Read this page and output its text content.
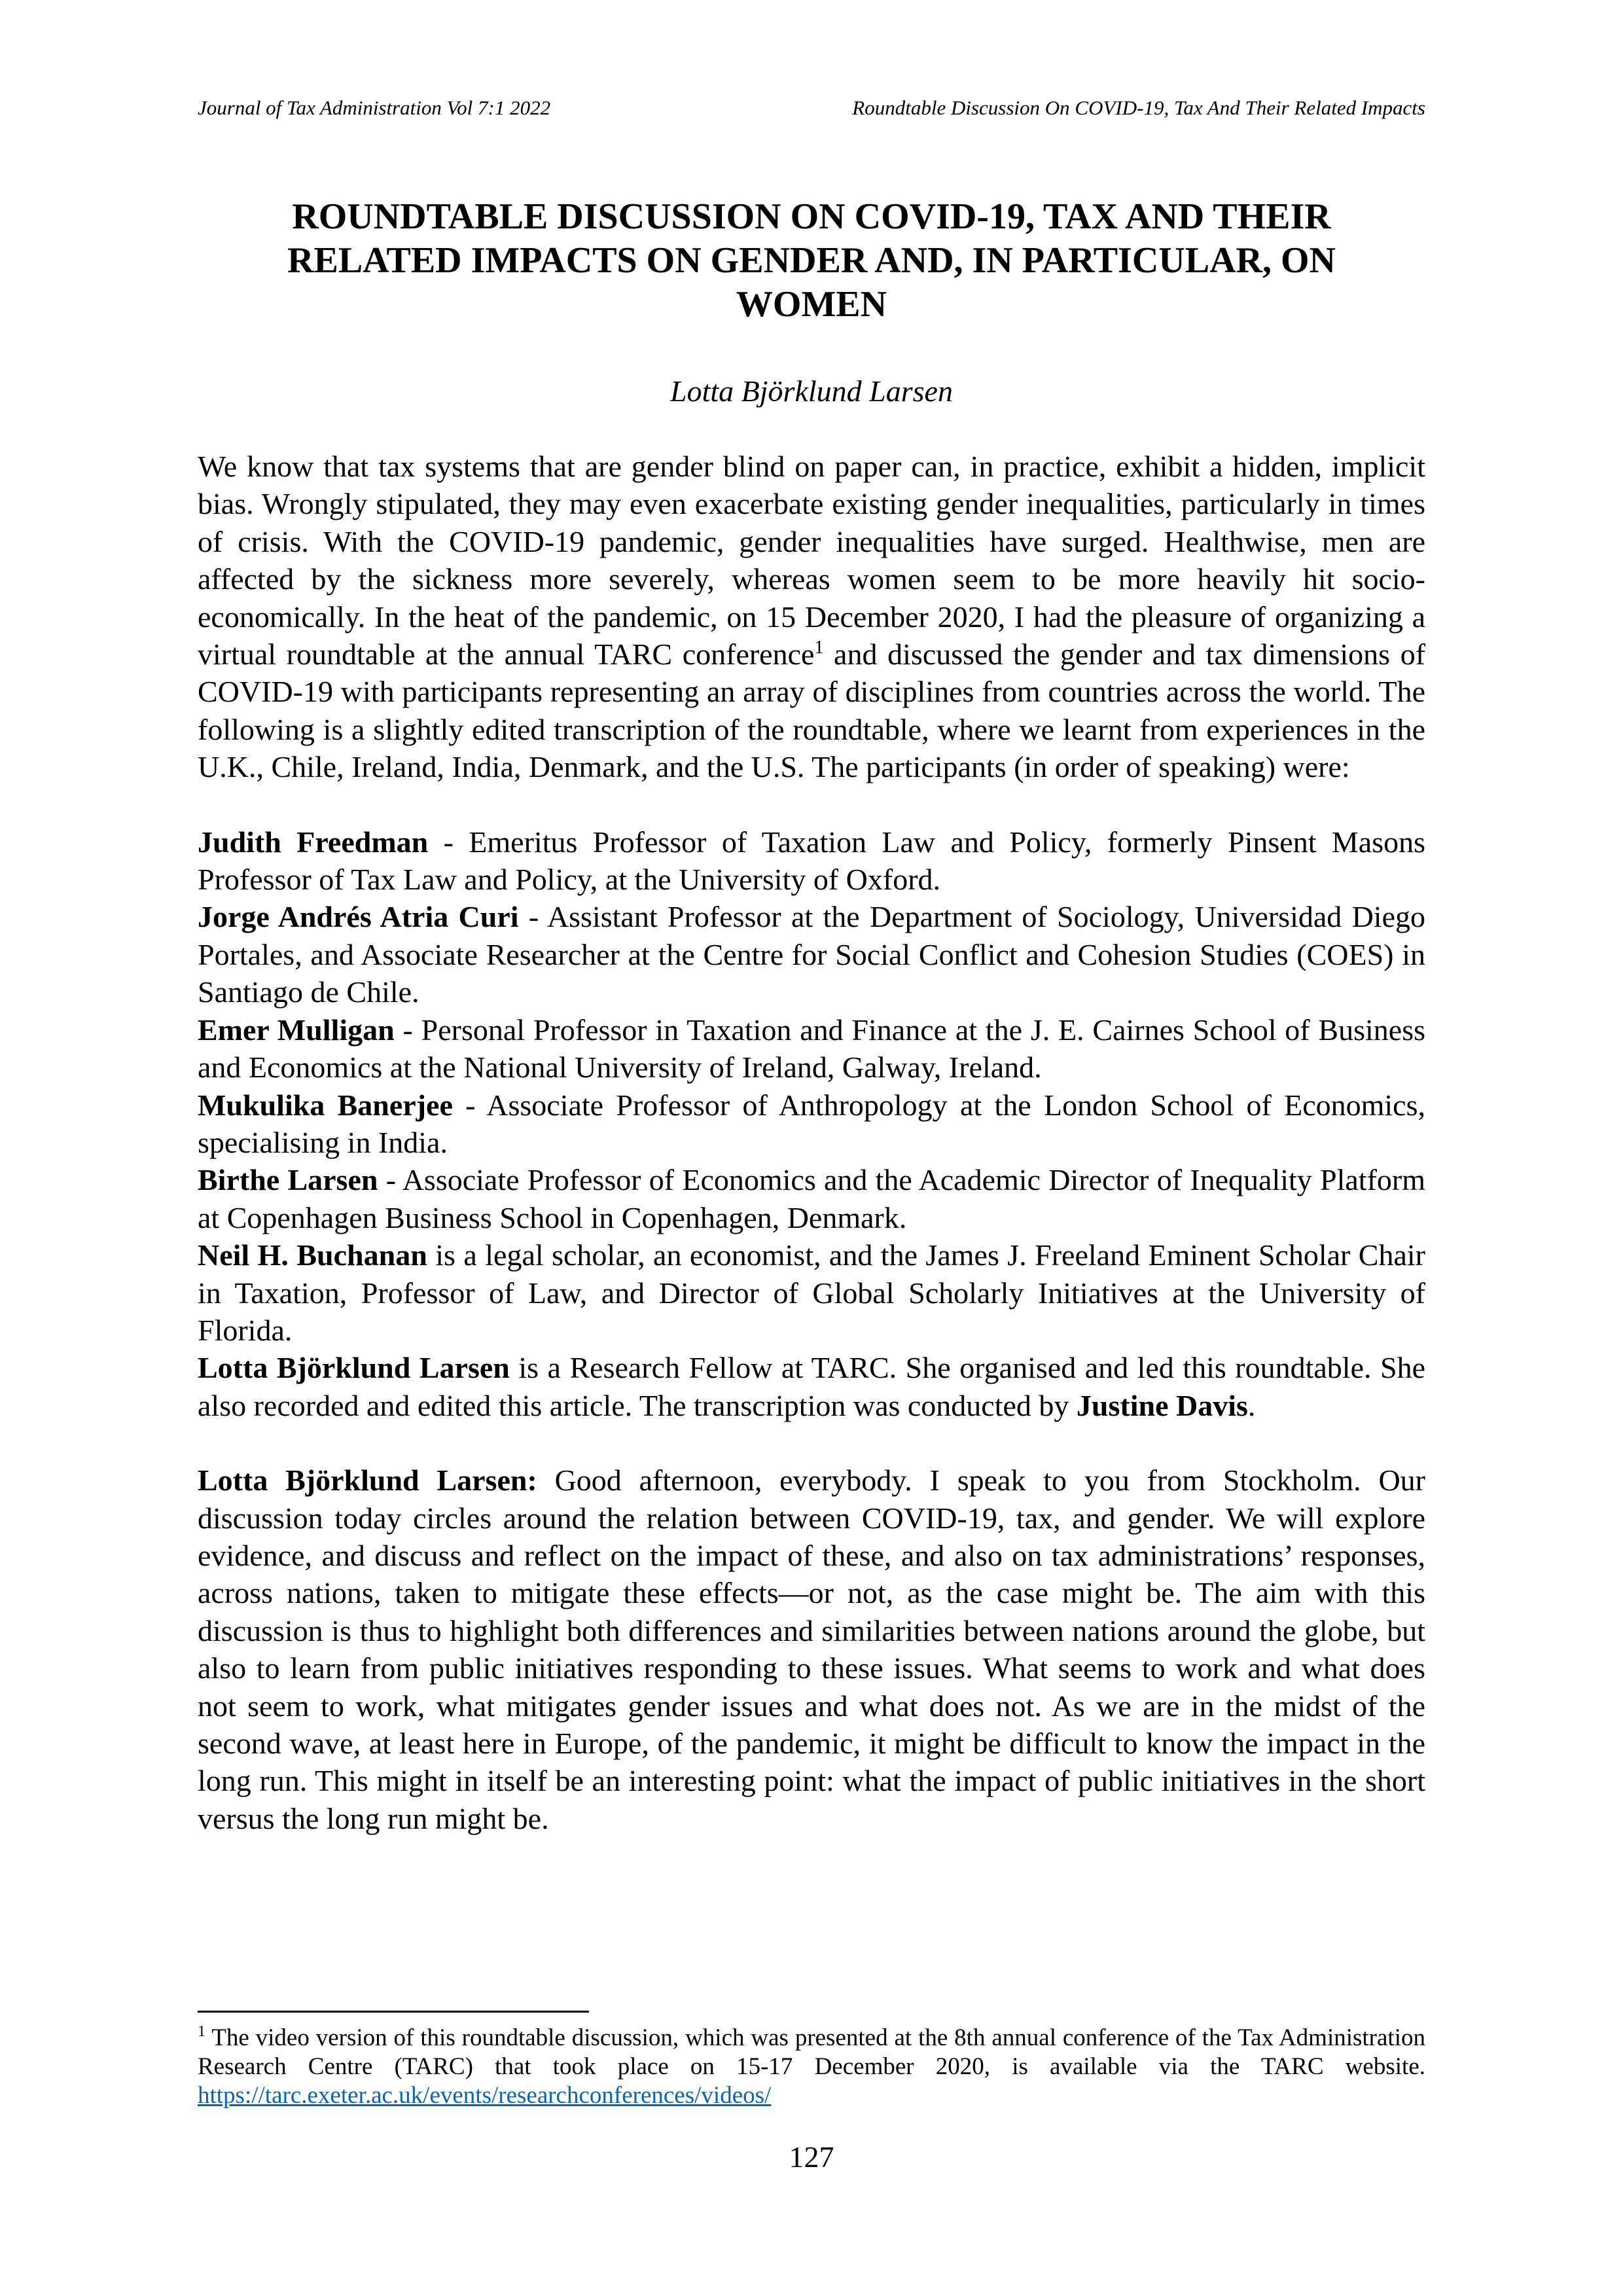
Journal of Tax Administration Vol 7:1 2022	Roundtable Discussion On COVID-19, Tax And Their Related Impacts
ROUNDTABLE DISCUSSION ON COVID-19, TAX AND THEIR
RELATED IMPACTS ON GENDER AND, IN PARTICULAR, ON
WOMEN
Lotta Björklund Larsen

We know that tax systems that are gender blind on paper can, in practice, exhibit a hidden, implicit bias. Wrongly stipulated, they may even exacerbate existing gender inequalities, particularly in times of crisis. With the COVID-19 pandemic, gender inequalities have surged. Healthwise, men are affected by the sickness more severely, whereas women seem to be more heavily hit socio-economically. In the heat of the pandemic, on 15 December 2020, I had the pleasure of organizing a virtual roundtable at the annual TARC conference$^1$ and discussed the gender and tax dimensions of COVID-19 with participants representing an array of disciplines from countries across the world. The following is a slightly edited transcription of the roundtable, where we learnt from experiences in the U.K., Chile, Ireland, India, Denmark, and the U.S. The participants (in order of speaking) were:

Judith Freedman - Emeritus Professor of Taxation Law and Policy, formerly Pinsent Masons Professor of Tax Law and Policy, at the University of Oxford.

Jorge Andrés Atria Curi - Assistant Professor at the Department of Sociology, Universidad Diego Portales, and Associate Researcher at the Centre for Social Conflict and Cohesion Studies (COES) in Santiago de Chile.

Emer Mulligan - Personal Professor in Taxation and Finance at the J. E. Cairnes School of Business and Economics at the National University of Ireland, Galway, Ireland.

Mukulika Banerjee - Associate Professor of Anthropology at the London School of Economics, specialising in India.

Birthe Larsen - Associate Professor of Economics and the Academic Director of Inequality Platform at Copenhagen Business School in Copenhagen, Denmark.

Neil H. Buchanan is a legal scholar, an economist, and the James J. Freeland Eminent Scholar Chair in Taxation, Professor of Law, and Director of Global Scholarly Initiatives at the University of Florida.

Lotta Björklund Larsen is a Research Fellow at TARC. She organised and led this roundtable. She also recorded and edited this article. The transcription was conducted by Justine Davis.

Lotta Björklund Larsen: Good afternoon, everybody. I speak to you from Stockholm. Our discussion today circles around the relation between COVID-19, tax, and gender. We will explore evidence, and discuss and reflect on the impact of these, and also on tax administrations’ responses, across nations, taken to mitigate these effects—or not, as the case might be. The aim with this discussion is thus to highlight both differences and similarities between nations around the globe, but also to learn from public initiatives responding to these issues. What seems to work and what does not seem to work, what mitigates gender issues and what does not. As we are in the midst of the second wave, at least here in Europe, of the pandemic, it might be difficult to know the impact in the long run. This might in itself be an interesting point: what the impact of public initiatives in the short versus the long run might be.

$^1$ The video version of this roundtable discussion, which was presented at the 8th annual conference of the Tax Administration Research Centre (TARC) that took place on 15-17 December 2020, is available via the TARC website. https://tarc.exeter.ac.uk/events/researchconferences/videos/
127
